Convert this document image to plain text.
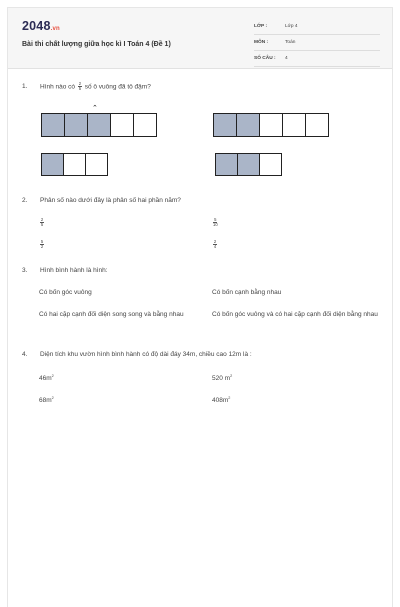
2048.vn
Bài thi chất lượng giữa học kì I Toán 4 (Đề 1)
LỚP :	Lớp 4
MÔN :	Toán
SỐ CÂU :	4
1. Hình nào có $\frac{2}{5}$ số ô vuông đã tô đậm?
⌃
2. Phân số nào dưới đây là phân số hai phần năm?
$\frac{2}{5}$	$\frac{5}{10}$
$\frac{5}{2}$	$\frac{2}{4}$
3. Hình bình hành là hình:
Có bốn góc vuông	Có bốn cạnh bằng nhau
Có hai cặp cạnh đối diện song song và bằng nhau	Có bốn góc vuông và có hai cặp cạnh đối diện bằng nhau
4. Diện tích khu vườn hình bình hành có độ dài đáy 34m, chiều cao 12m là :
$46m^2$	520 $m^2$
$68m^2$	$408m^2$
